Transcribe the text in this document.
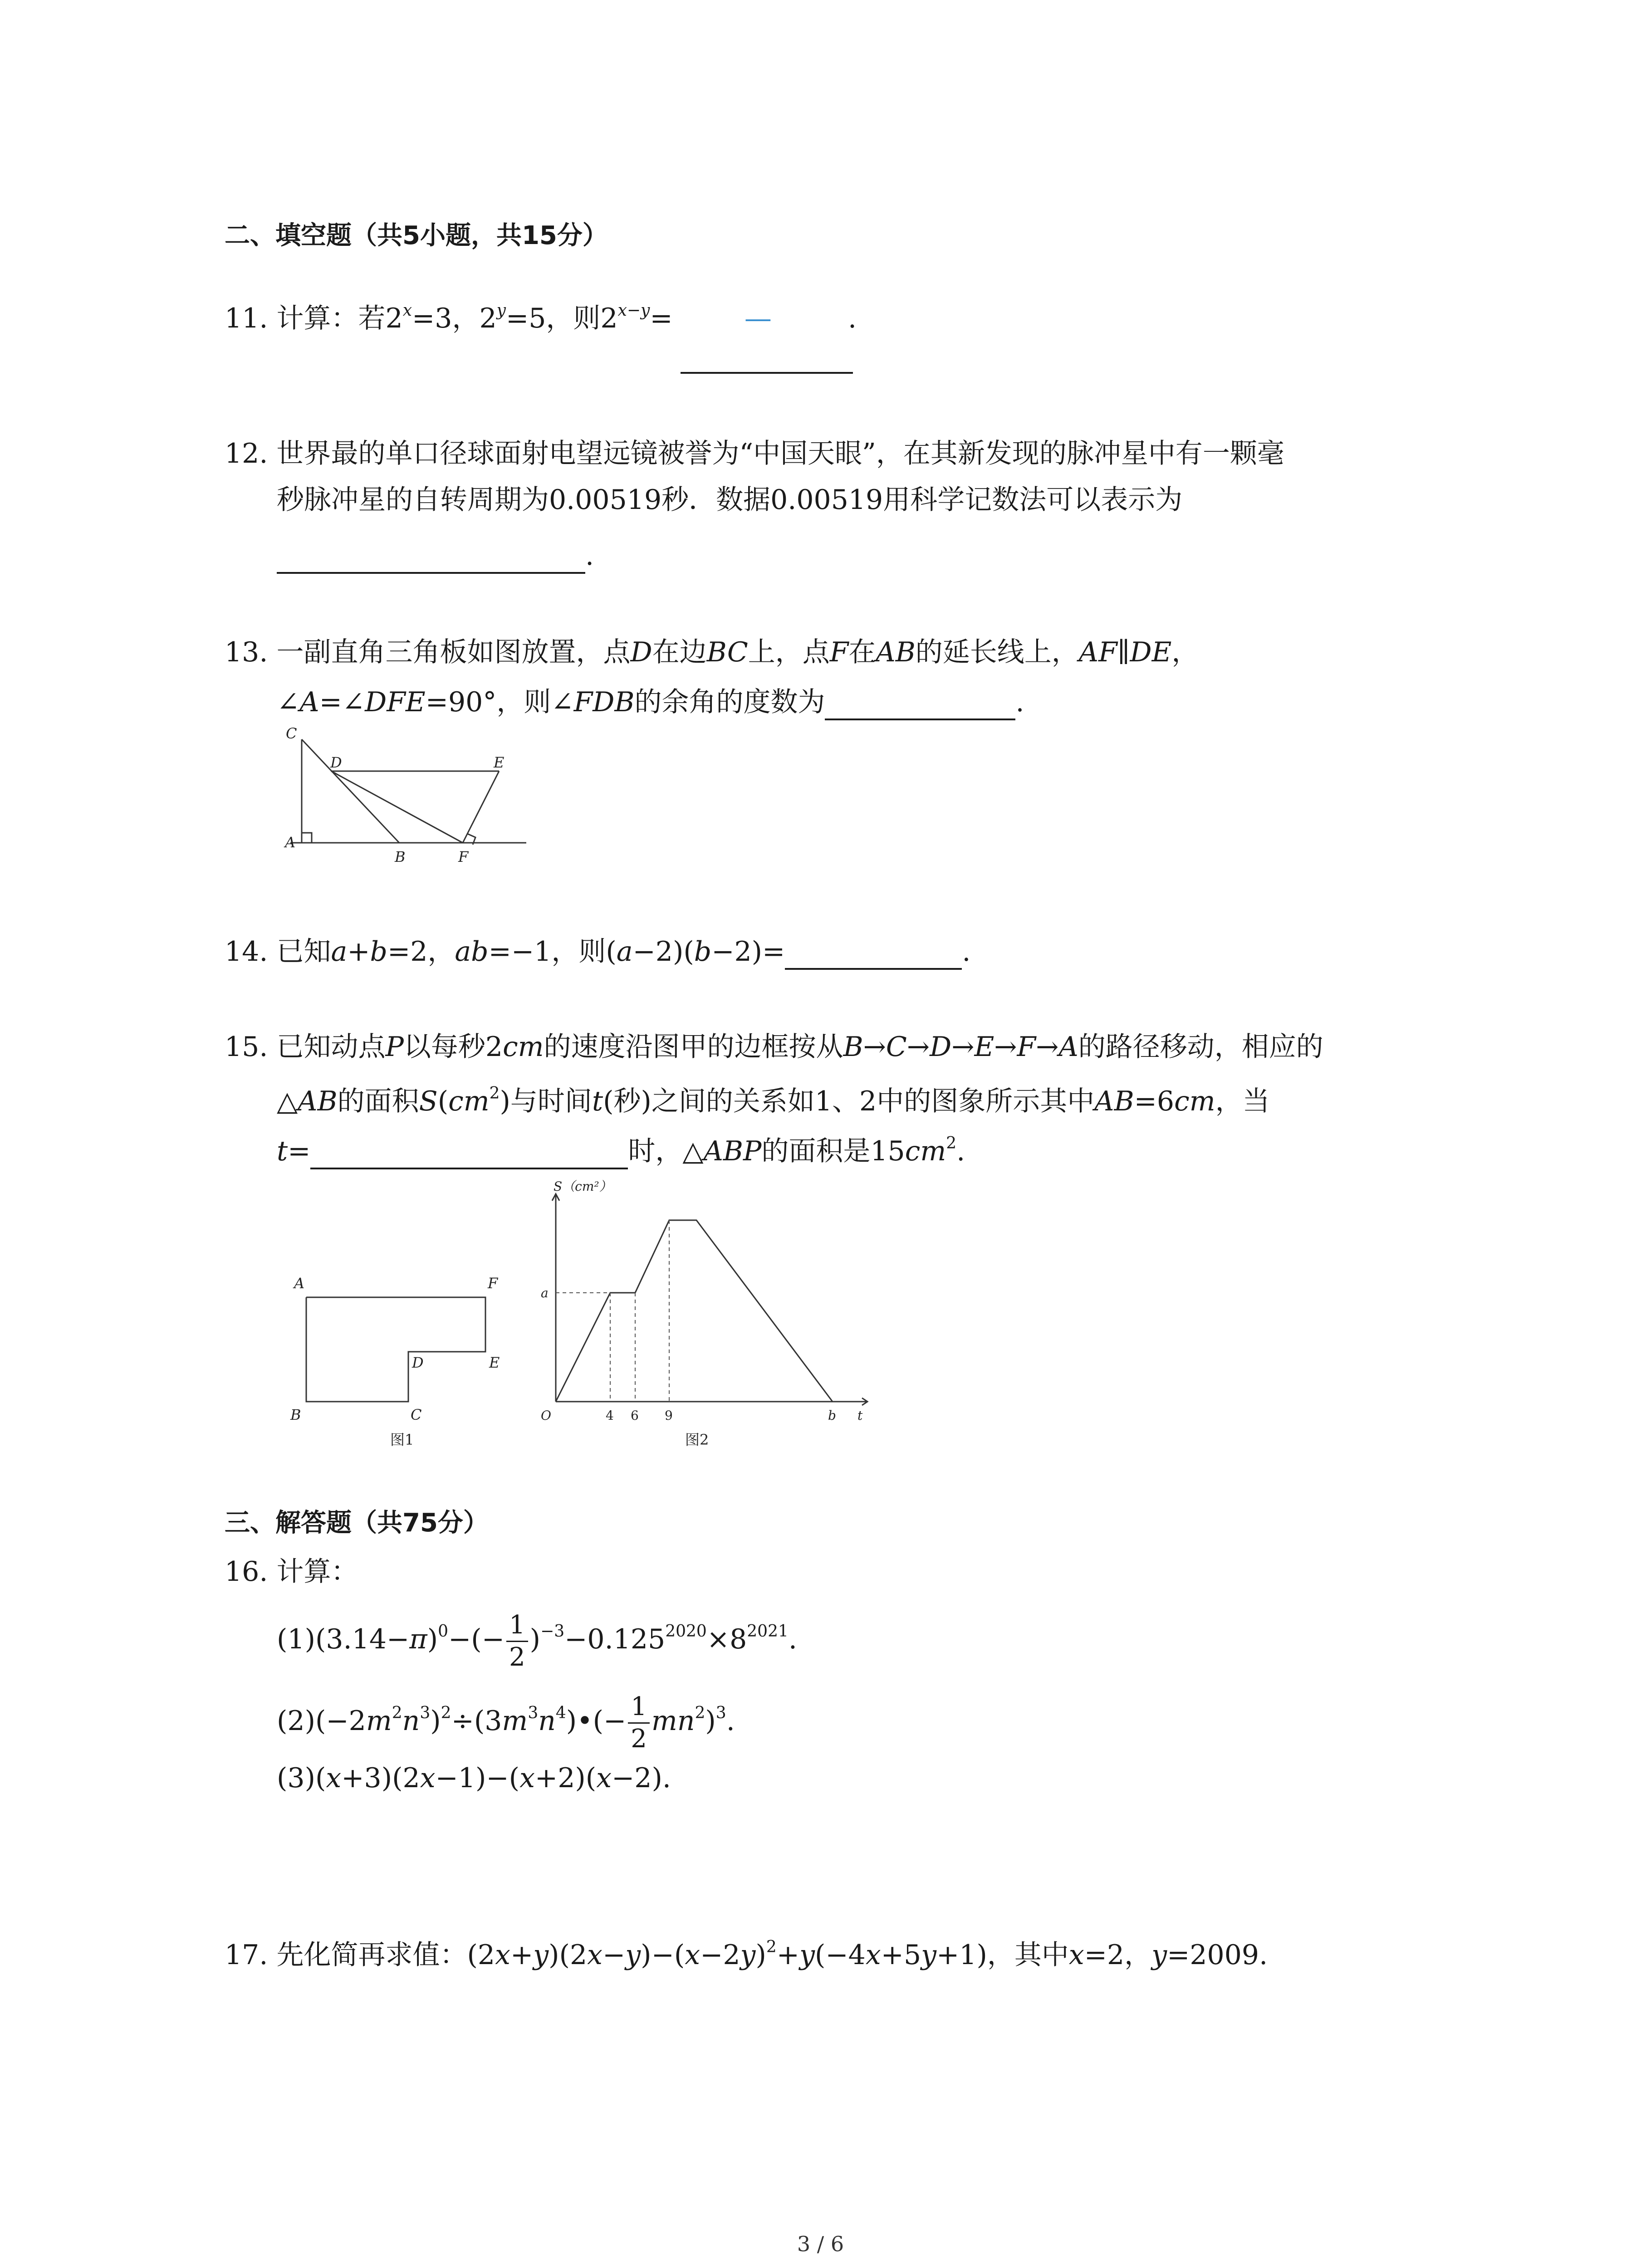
二、填空题（共5小题，共15分）
11. 计算：若$2^x=3$，$2^y=5$，则$2^{x-y}=$	—	.
12. 世界最的单口径球面射电望远镜被誉为“中国天眼”，在其新发现的脉冲星中有一颗毫
秒脉冲星的自转周期为0.00519秒．数据0.00519用科学记数法可以表示为
.
13. 一副直角三角板如图放置，点D在边BC上，点F在AB的延长线上，AF∥DE，
∠A=∠DFE=90°，则∠FDB的余角的度数为	.
C
D	E
A
B	F
14. 已知a+b=2，ab=−1，则(a−2)(b−2)=	.
15. 已知动点P以每秒2cm的速度沿图甲的边框按从B→C→D→E→F→A的路径移动，相应的
△AB的面积$S(cm^2)$与时间t(秒)之间的关系如1、2中的图象所示其中AB=6cm，当
t=	时，△ABP的面积是$15cm^2$.
A	F
D	E
B	C
图1
S（cm²）
a
O	4 6 9	b t
图2
三、解答题（共75分）
16. 计算：
$(1)(3.14-\pi)^0-(- \frac{1}{2} )^{-3}-0.125^{2020}\times 8^{2021}$.
$(2)(-2m^2n^3)^2\div(3m^3n^4)•(- \frac{1}{2} mn^2)^3$.
(3)(x+3)(2x−1)−(x+2)(x−2).
17. 先化简再求值：$(2x+y)(2x-y)-(x-2y)^2+y(-4x+5y+1)$，其中x=2，y=2009.
3 / 6
